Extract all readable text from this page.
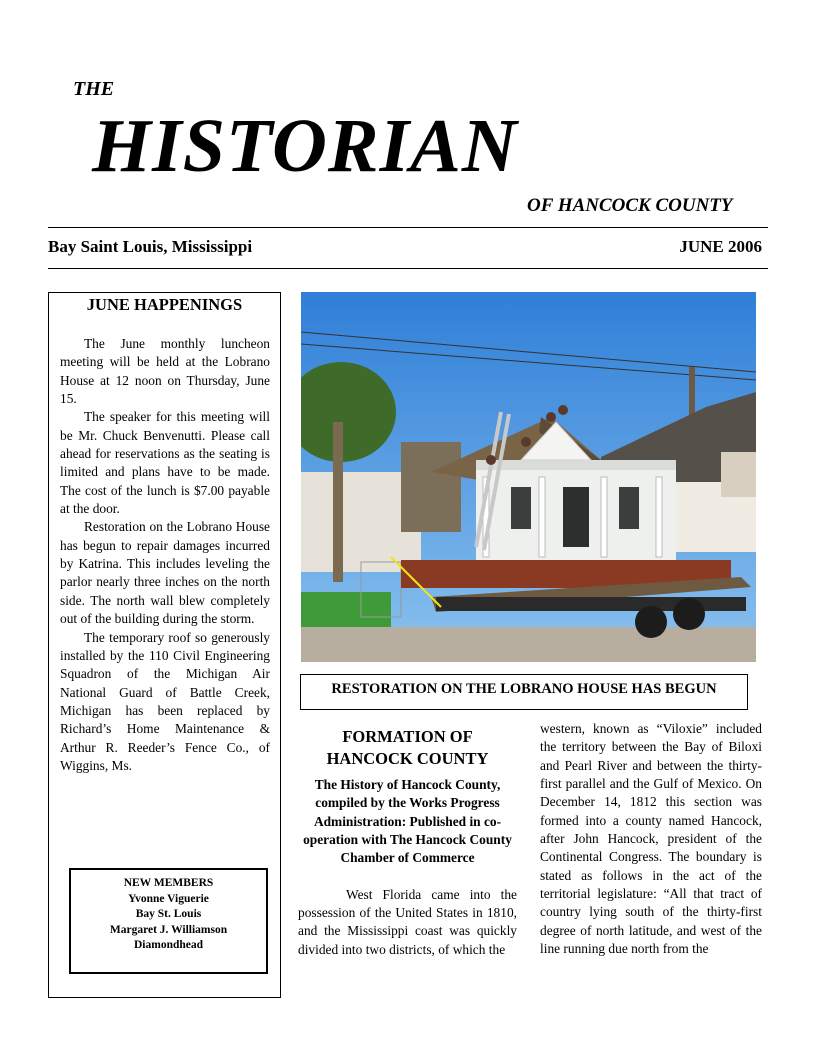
THE
HISTORIAN
OF HANCOCK COUNTY
Bay Saint Louis, Mississippi	JUNE 2006
JUNE HAPPENINGS

The June monthly luncheon meeting will be held at the Lobrano House at 12 noon on Thursday, June 15.

The speaker for this meeting will be Mr. Chuck Benvenutti. Please call ahead for reservations as the seating is limited and plans have to be made. The cost of the lunch is $7.00 payable at the door.

Restoration on the Lobrano House has begun to repair damages incurred by Katrina. This includes leveling the parlor nearly three inches on the north side. The north wall blew completely out of the building during the storm.

The temporary roof so generously installed by the 110 Civil Engineering Squadron of the Michigan Air National Guard of Battle Creek, Michigan has been replaced by Richard’s Home Maintenance & Arthur R. Reeder’s Fence Co., of Wiggins, Ms.

NEW MEMBERS
Yvonne Viguerie
Bay St. Louis
Margaret J. Williamson
Diamondhead
RESTORATION ON THE LOBRANO HOUSE HAS BEGUN
FORMATION OF HANCOCK COUNTY
The History of Hancock County, compiled by the Works Progress Administration: Published in co-operation with The Hancock County Chamber of Commerce

West Florida came into the possession of the United States in 1810, and the Mississippi coast was quickly divided into two districts, of which the

western, known as “Viloxie” included the territory between the Bay of Biloxi and Pearl River and between the thirty-first parallel and the Gulf of Mexico. On December 14, 1812 this section was formed into a county named Hancock, after John Hancock, president of the Continental Congress. The boundary is stated as follows in the act of the territorial legislature: “All that tract of country lying south of the thirty-first degree of north latitude, and west of the line running due north from the
